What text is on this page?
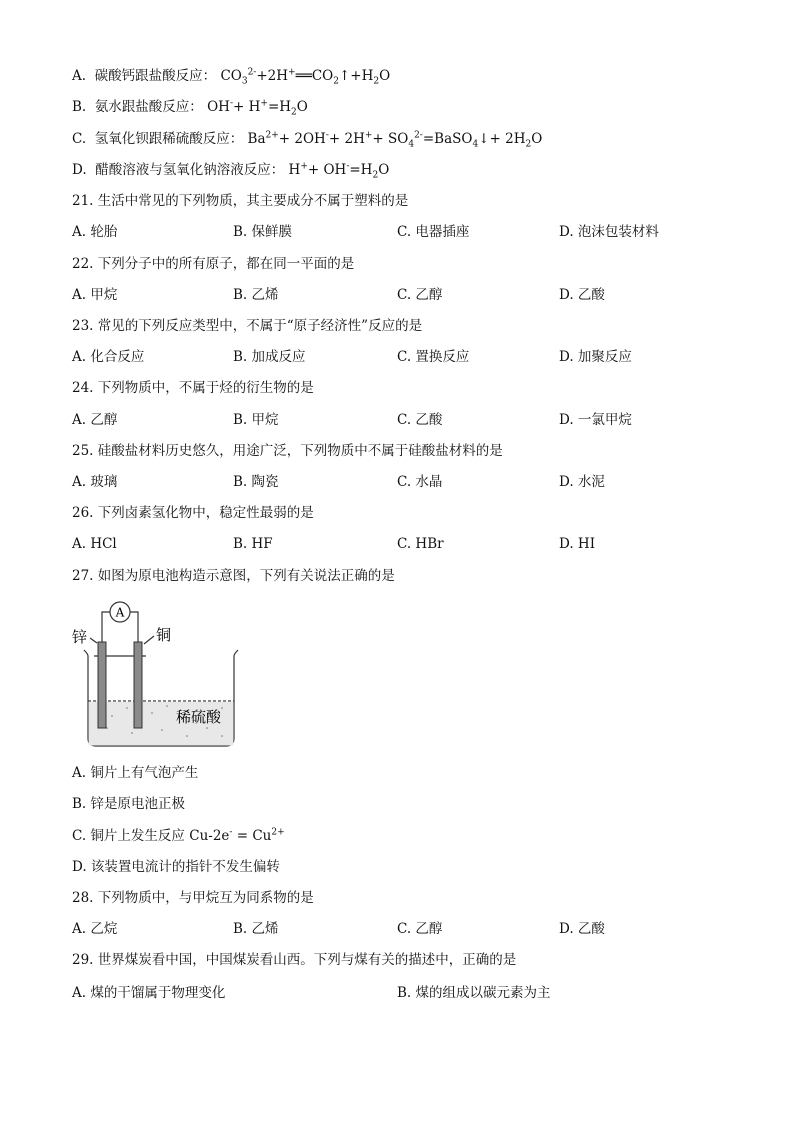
A. 碳酸钙跟盐酸反应： $CO_3^{2-}+2H^+══CO_2↑+H_2O$
B. 氨水跟盐酸反应： $OH^-+ H^+=H_2O$
C. 氢氧化钡跟稀硫酸反应： $Ba^{2+}+ 2OH^-+ 2H^++$ $SO_4^{2-}=BaSO_4↓+ 2H_2O$
D. 醋酸溶液与氢氧化钠溶液反应： $H^++ OH^-=H_2O$
21. 生活中常见的下列物质，其主要成分不属于塑料的是
A. 轮胎	B. 保鲜膜	C. 电器插座	D. 泡沫包装材料
22. 下列分子中的所有原子，都在同一平面的是
A. 甲烷	B. 乙烯	C. 乙醇	D. 乙酸
23. 常见的下列反应类型中，不属于“原子经济性”反应的是
A. 化合反应	B. 加成反应	C. 置换反应	D. 加聚反应
24. 下列物质中，不属于烃的衍生物的是
A. 乙醇	B. 甲烷	C. 乙酸	D. 一氯甲烷
25. 硅酸盐材料历史悠久，用途广泛，下列物质中不属于硅酸盐材料的是
A. 玻璃	B. 陶瓷	C. 水晶	D. 水泥
26. 下列卤素氢化物中，稳定性最弱的是
A. HCl	B. HF	C. HBr	D. HI
27. 如图为原电池构造示意图，下列有关说法正确的是
A
锌	铜
稀硫酸
A. 铜片上有气泡产生
B. 锌是原电池正极
C. 铜片上发生反应 $Cu-2e^- = Cu^{2+}$
D. 该装置电流计的指针不发生偏转
28. 下列物质中，与甲烷互为同系物的是
A. 乙烷	B. 乙烯	C. 乙醇	D. 乙酸
29. 世界煤炭看中国，中国煤炭看山西。下列与煤有关的描述中，正确的是
A. 煤的干馏属于物理变化	B. 煤的组成以碳元素为主
